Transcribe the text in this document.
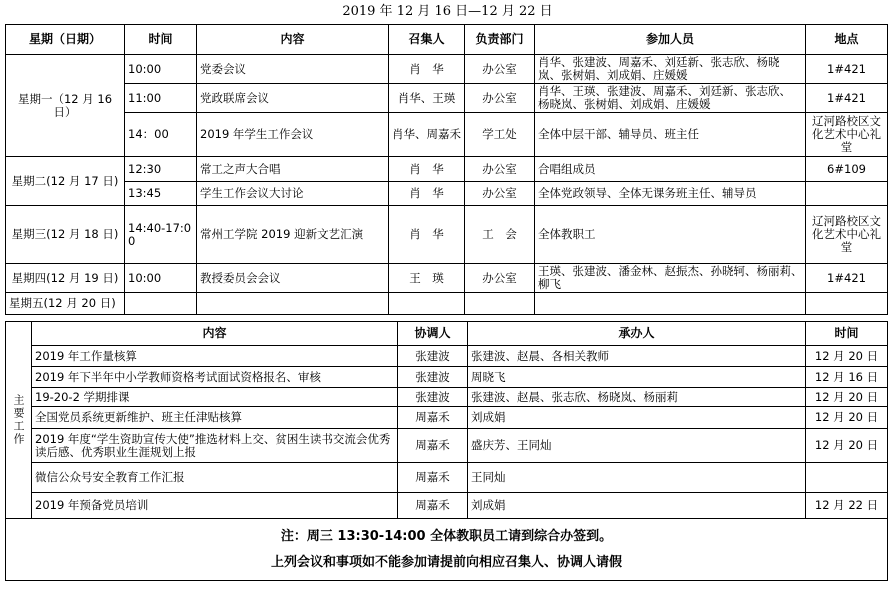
2019 年 12 月 16 日—12 月 22 日
星期（日期）	时间	内容	召集人	负责部门	参加人员	地点
星期一（12 月 16 日）	10:00	党委会议	肖　华	办公室	肖华、张建波、周嘉禾、刘廷新、张志欣、杨晓岚、张树娟、刘成娟、庄媛媛	1#421
	11:00	党政联席会议	肖华、王瑛	办公室	肖华、王瑛、张建波、周嘉禾、刘廷新、张志欣、杨晓岚、张树娟、刘成娟、庄媛媛	1#421
	14：00	2019 年学生工作会议	肖华、周嘉禾	学工处	全体中层干部、辅导员、班主任	辽河路校区文化艺术中心礼堂
星期二(12 月 17 日)	12:30	常工之声大合唱	肖　华	办公室	合唱组成员	6#109
	13:45	学生工作会议大讨论	肖　华	办公室	全体党政领导、全体无课务班主任、辅导员	
星期三(12 月 18 日)	14:40-17:00	常州工学院 2019 迎新文艺汇演	肖　华	工　会	全体教职工	辽河路校区文化艺术中心礼堂
星期四(12 月 19 日)	10:00	教授委员会会议	王　瑛	办公室	王瑛、张建波、潘金林、赵振杰、孙晓轲、杨丽莉、　柳飞	1#421
星期五(12 月 20 日)						
主要工作	内容	协调人	承办人	时间
	2019 年工作量核算	张建波	张建波、赵晨、各相关教师	12 月 20 日
	2019 年下半年中小学教师资格考试面试资格报名、审核	张建波	周晓飞	12 月 16 日
	19-20-2 学期排课	张建波	张建波、赵晨、张志欣、杨晓岚、杨丽莉	12 月 20 日
	全国党员系统更新维护、班主任津贴核算	周嘉禾	刘成娟	12 月 20 日
	2019 年度“学生资助宣传大使”推选材料上交、贫困生读书交流会优秀读后感、优秀职业生涯规划上报	周嘉禾	盛庆芳、王同灿	12 月 20 日
	微信公众号安全教育工作汇报	周嘉禾	王同灿	
	2019 年预备党员培训	周嘉禾	刘成娟	12 月 22 日

注：周三 13:30-14:00 全体教职员工请到综合办签到。
上列会议和事项如不能参加请提前向相应召集人、协调人请假				
